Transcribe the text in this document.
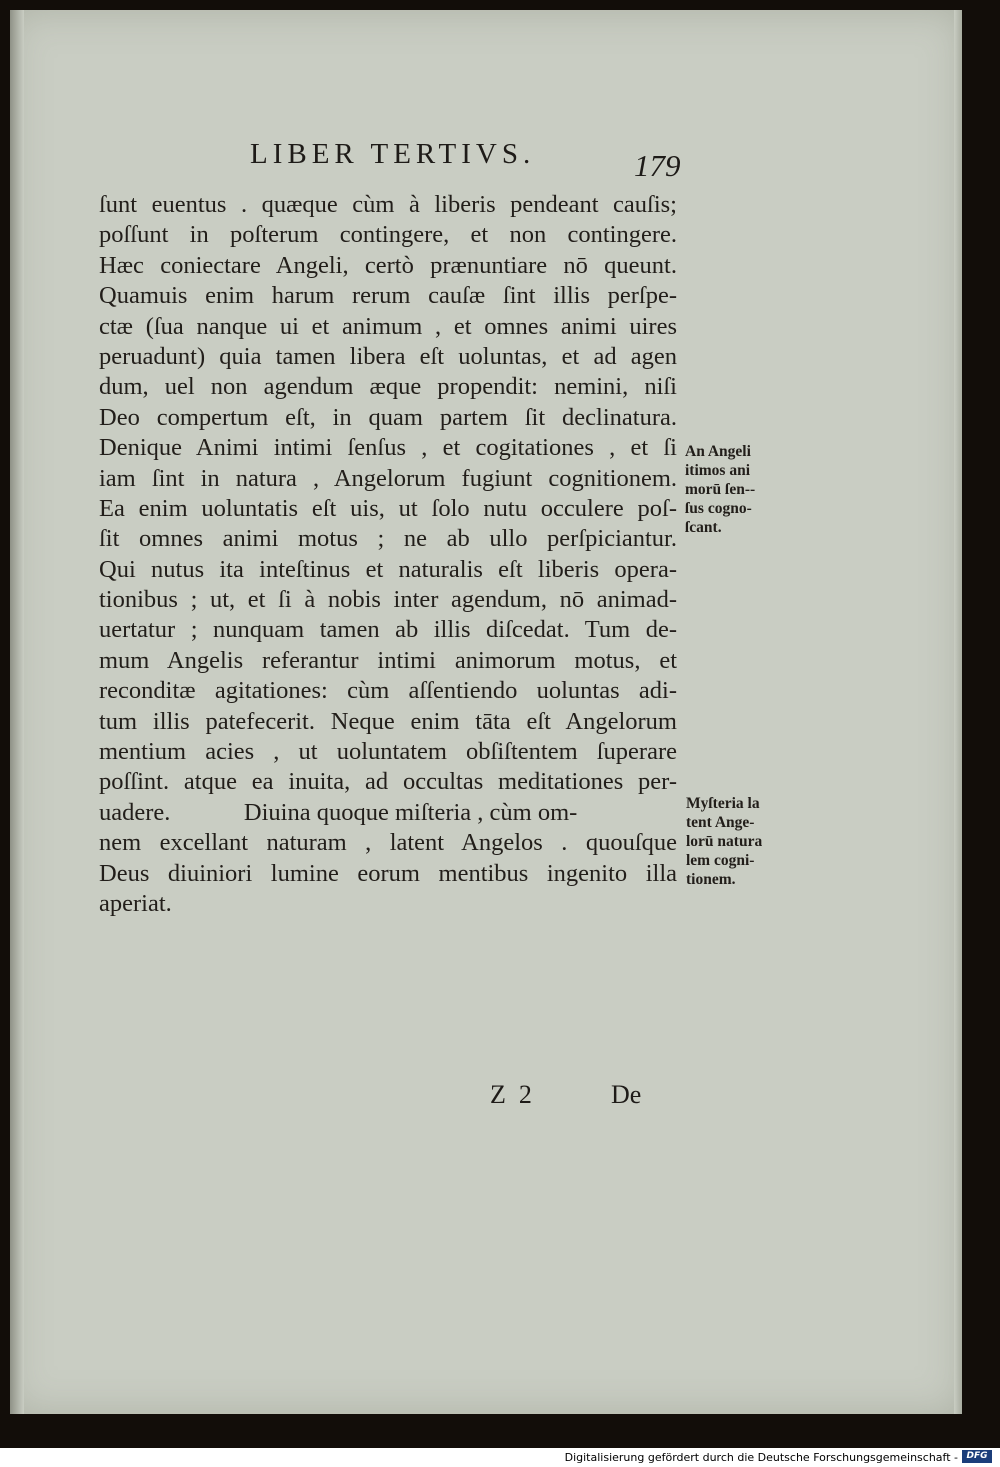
LIBER TERTIVS.	179
ſunt euentus . quæque cùm à liberis pendeant cauſis;
poſſunt in poſterum contingere, et non contingere.
Hæc coniectare Angeli, certò prænuntiare nō queunt.
Quamuis enim harum rerum cauſæ ſint illis perſpe-
ctæ (ſua nanque ui et animum , et omnes animi uires
peruadunt) quia tamen libera eſt uoluntas, et ad agen
dum, uel non agendum æque propendit: nemini, niſi
Deo compertum eſt, in quam partem ſit declinatura.
Denique Animi intimi ſenſus , et cogitationes , et ſi
iam ſint in natura , Angelorum fugiunt cognitionem.
Ea enim uoluntatis eſt uis, ut ſolo nutu occulere poſ-
ſit omnes animi motus ; ne ab ullo perſpiciantur.
Qui nutus ita inteſtinus et naturalis eſt liberis opera-
tionibus ; ut, et ſi à nobis inter agendum, nō animad-
uertatur ; nunquam tamen ab illis diſcedat. Tum de-
mum Angelis referantur intimi animorum motus, et
reconditæ agitationes: cùm aſſentiendo uoluntas adi-
tum illis patefecerit. Neque enim tāta eſt Angelorum
mentium acies , ut uoluntatem obſiſtentem ſuperare
poſſint. atque ea inuita, ad occultas meditationes per-
uadere.            Diuina quoque miſteria , cùm om-
nem excellant naturam , latent Angelos . quouſque
Deus diuiniori lumine eorum mentibus ingenito illa
aperiat.
An Angeli
itimos ani
morū ſen--
ſus cogno-
ſcant.
Myſteria la
tent Ange-
lorū natura
lem cogni-
tionem.
Z  2	De
Digitalisierung gefördert durch die Deutsche Forschungsgemeinschaft - DFG
